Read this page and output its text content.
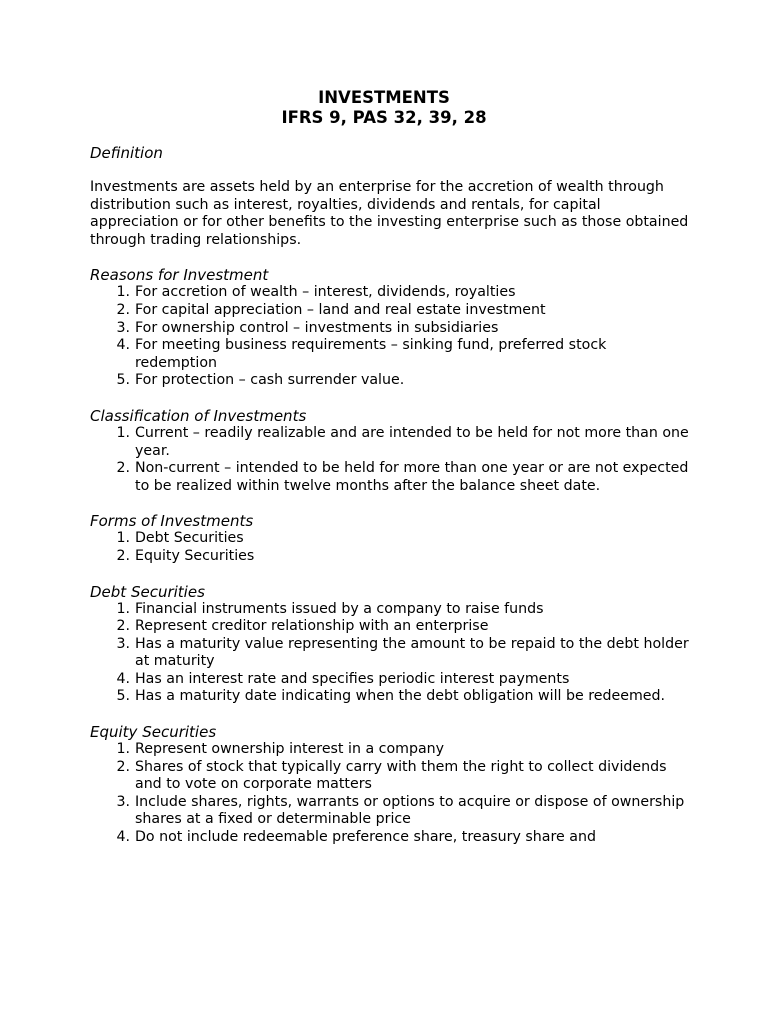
INVESTMENTS
IFRS 9, PAS 32, 39, 28

Definition

Investments are assets held by an enterprise for the accretion of wealth through distribution such as interest, royalties, dividends and rentals, for capital appreciation or for other benefits to the investing enterprise such as those obtained through trading relationships.

Reasons for Investment

1. For accretion of wealth – interest, dividends, royalties
2. For capital appreciation – land and real estate investment
3. For ownership control – investments in subsidiaries
4. For meeting business requirements – sinking fund, preferred stock redemption
5. For protection – cash surrender value.

Classification of Investments

1. Current – readily realizable and are intended to be held for not more than one year.
2. Non-current – intended to be held for more than one year or are not expected to be realized within twelve months after the balance sheet date.

Forms of Investments

1. Debt Securities
2. Equity Securities

Debt Securities

1. Financial instruments issued by a company to raise funds
2. Represent creditor relationship with an enterprise
3. Has a maturity value representing the amount to be repaid to the debt holder at maturity
4. Has an interest rate and specifies periodic interest payments
5. Has a maturity date indicating when the debt obligation will be redeemed.

Equity Securities

1. Represent ownership interest in a company
2. Shares of stock that typically carry with them the right to collect dividends and to vote on corporate matters
3. Include shares, rights, warrants or options to acquire or dispose of ownership shares at a fixed or determinable price
4. Do not include redeemable preference share, treasury share and
